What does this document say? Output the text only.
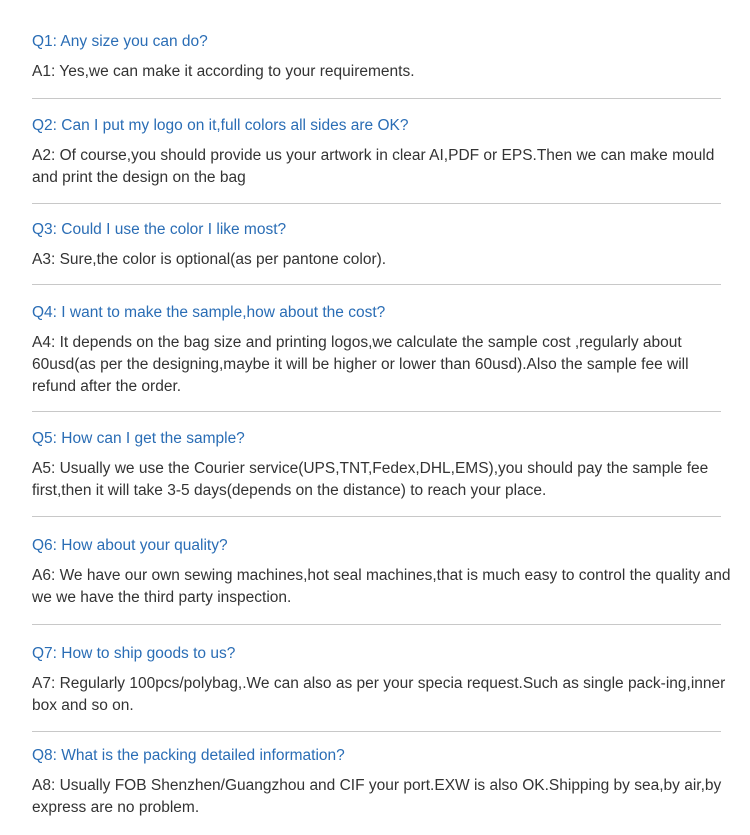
Q1: Any size you can do?
A1: Yes,we can make it according to your requirements.
Q2: Can I put my logo on it,full colors all sides are OK?
A2: Of course,you should provide us your artwork in clear AI,PDF or EPS.Then we can make mould and print the design on the bag
Q3: Could I use the color I like most?
A3: Sure,the color is optional(as per pantone color).
Q4: I want to make the sample,how about the cost?
A4: It depends on the bag size and printing logos,we calculate the sample cost ,regularly about 60usd(as per the designing,maybe it will be higher or lower than 60usd).Also the sample fee will refund after the order.
Q5: How can I get the sample?
A5: Usually we use the Courier service(UPS,TNT,Fedex,DHL,EMS),you should pay the sample fee first,then it will take 3-5 days(depends on the distance) to reach your place.
Q6: How about your quality?
A6: We have our own sewing machines,hot seal machines,that is much easy to control the quality and we we have the third party inspection.
Q7: How to ship goods to us?
A7: Regularly 100pcs/polybag,.We can also as per your specia request.Such as single pack-ing,inner box and so on.
Q8: What is the packing detailed information?
A8: Usually FOB Shenzhen/Guangzhou and CIF your port.EXW is also OK.Shipping by sea,by air,by express are no problem.
